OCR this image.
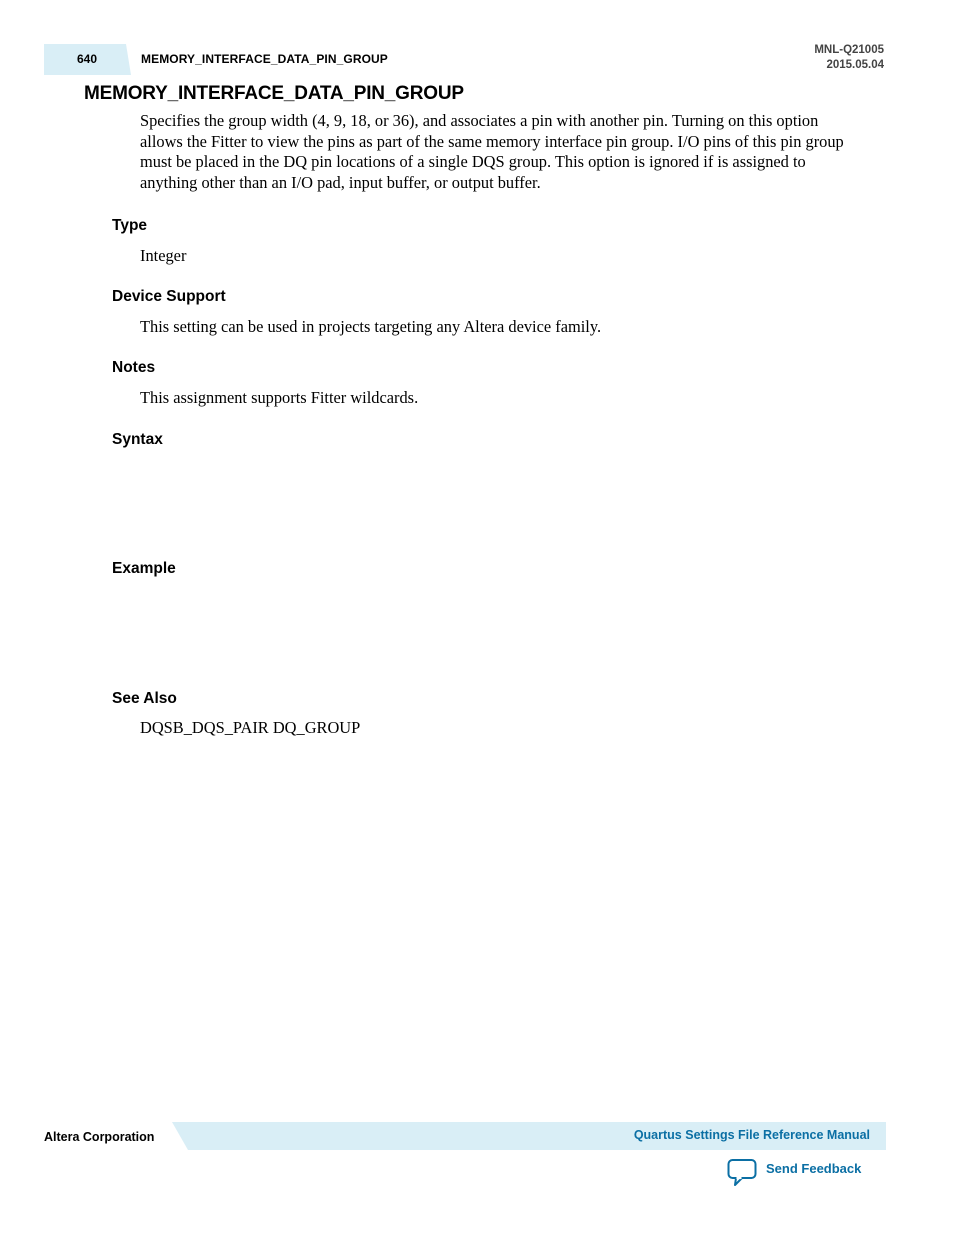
640	MEMORY_INTERFACE_DATA_PIN_GROUP
MNL-Q21005
2015.05.04
MEMORY_INTERFACE_DATA_PIN_GROUP

Specifies the group width (4, 9, 18, or 36), and associates a pin with another pin. Turning on this option allows the Fitter to view the pins as part of the same memory interface pin group. I/O pins of this pin group must be placed in the DQ pin locations of a single DQS group. This option is ignored if is assigned to anything other than an I/O pad, input buffer, or output buffer.

Type

Integer

Device Support

This setting can be used in projects targeting any Altera device family.

Notes

This assignment supports Fitter wildcards.

Syntax
Example
See Also

DQSB_DQS_PAIR DQ_GROUP

Altera Corporation	Quartus Settings File Reference Manual
Send Feedback
